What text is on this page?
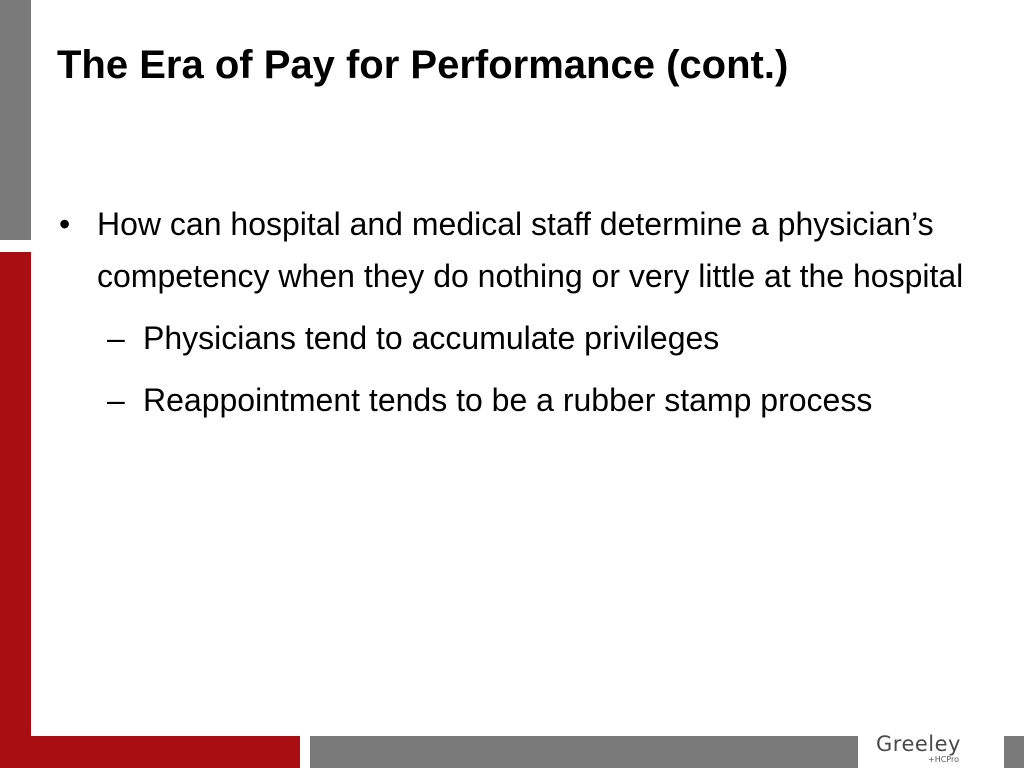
Greeley
+HCPro
The Era of Pay for Performance (cont.)
• How can hospital and medical staff determine a physician’s competency when they do nothing or very little at the hospital
– Physicians tend to accumulate privileges
– Reappointment tends to be a rubber stamp process
